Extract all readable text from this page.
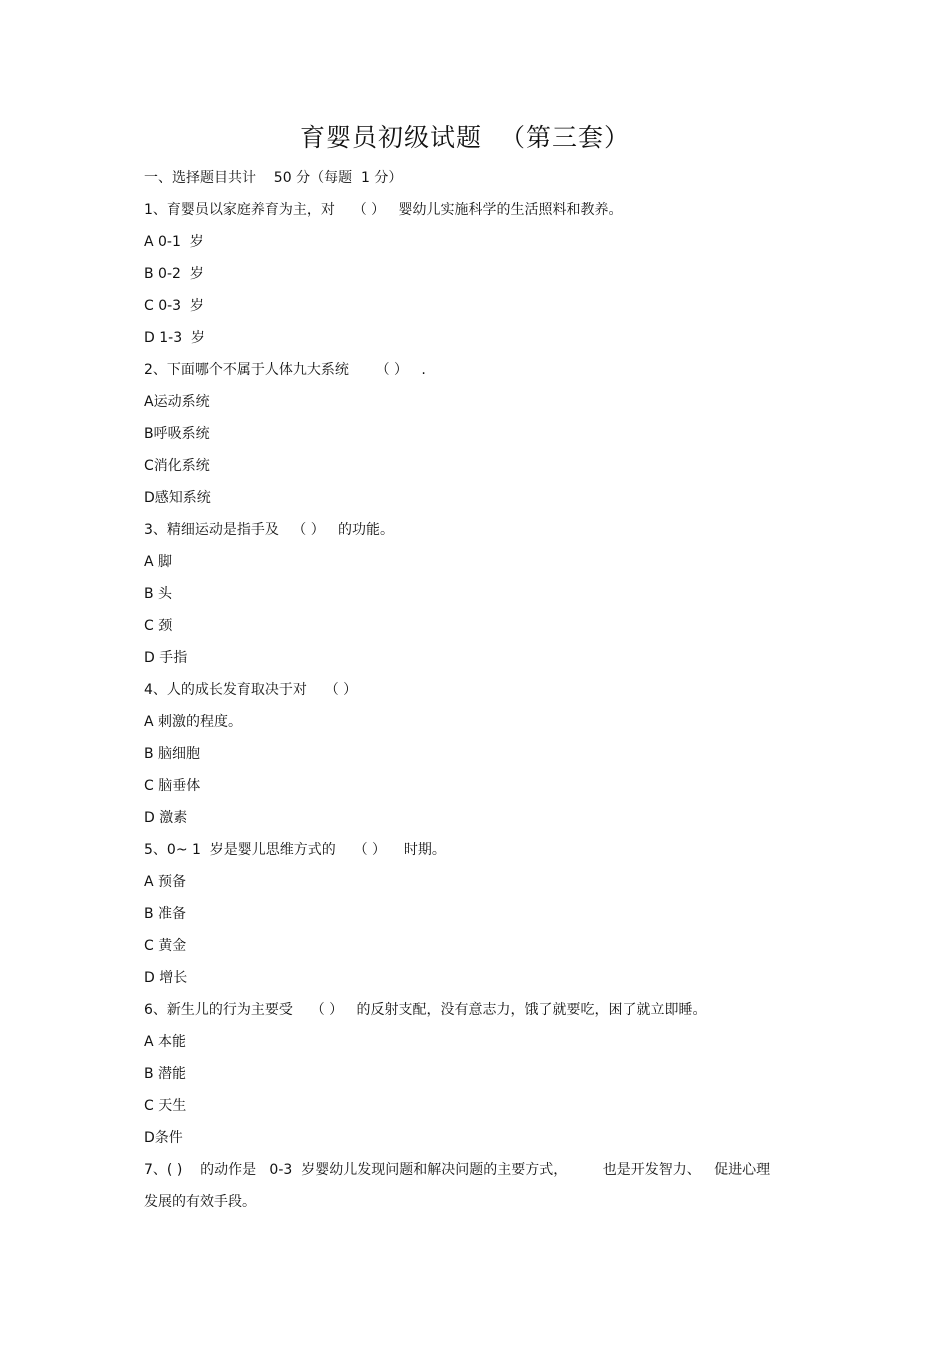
育婴员初级试题  （第三套）
一、选择题目共计    50 分（每题  1 分）
1、育婴员以家庭养育为主，对    （ ）   婴幼儿实施科学的生活照料和教养。
A 0-1  岁
B 0-2  岁
C 0-3  岁
D 1-3  岁
2、下面哪个不属于人体九大系统      （ ）   .
A运动系统
B呼吸系统
C消化系统
D感知系统
3、精细运动是指手及   （ ）   的功能。
A 脚
B 头
C 颈
D 手指
4、人的成长发育取决于对    （ ）
A 刺激的程度。
B 脑细胞
C 脑垂体
D 激素
5、0~ 1  岁是婴儿思维方式的    （ ）    时期。
A 预备
B 准备
C 黄金
D 增长
6、新生儿的行为主要受    （ ）   的反射支配，没有意志力，饿了就要吃，困了就立即睡。
A 本能
B 潜能
C 天生
D条件
7、( )    的动作是   0-3  岁婴幼儿发现问题和解决问题的主要方式，        也是开发智力、   促进心理
发展的有效手段。
